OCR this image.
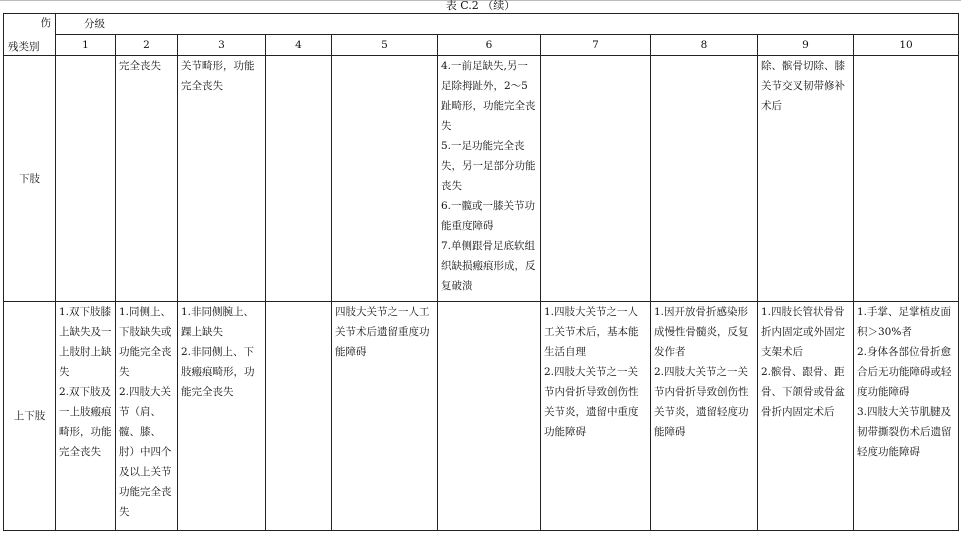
表 C.2 （续）
伤
残类别	分级									
	1	2	3	4	5	6	7	8	9	10
下肢		完全丧失	关节畸形，功能完全丧失			4.一前足缺失,另一足除拇趾外，2～5趾畸形，功能完全丧失
5.一足功能完全丧失，另一足部分功能丧失
6.一髋或一膝关节功能重度障碍
7.单侧跟骨足底软组织缺损瘢痕形成，反复破溃			除、髌骨切除、膝关节交叉韧带修补术后	
上下肢	1.双下肢膝上缺失及一上肢肘上缺失
2.双下肢及一上肢瘢痕畸形，功能完全丧失	1.同侧上、下肢缺失或功能完全丧失
2.四肢大关节（肩、髋、膝、肘）中四个及以上关节功能完全丧失	1.非同侧腕上、踝上缺失
2.非同侧上、下肢瘢痕畸形，功能完全丧失		四肢大关节之一人工关节术后遗留重度功能障碍		1.四肢大关节之一人工关节术后，基本能生活自理
2.四肢大关节之一关节内骨折导致创伤性关节炎，遗留中重度功能障碍	1.因开放骨折感染形成慢性骨髓炎，反复发作者
2.四肢大关节之一关节内骨折导致创伤性关节炎，遗留轻度功能障碍	1.四肢长管状骨骨折内固定或外固定支架术后
2.髌骨、跟骨、距骨、下颌骨或骨盆骨折内固定术后	1.手掌、足掌植皮面积＞30%者
2.身体各部位骨折愈合后无功能障碍或轻度功能障碍
3.四肢大关节肌腱及韧带撕裂伤术后遗留轻度功能障碍
